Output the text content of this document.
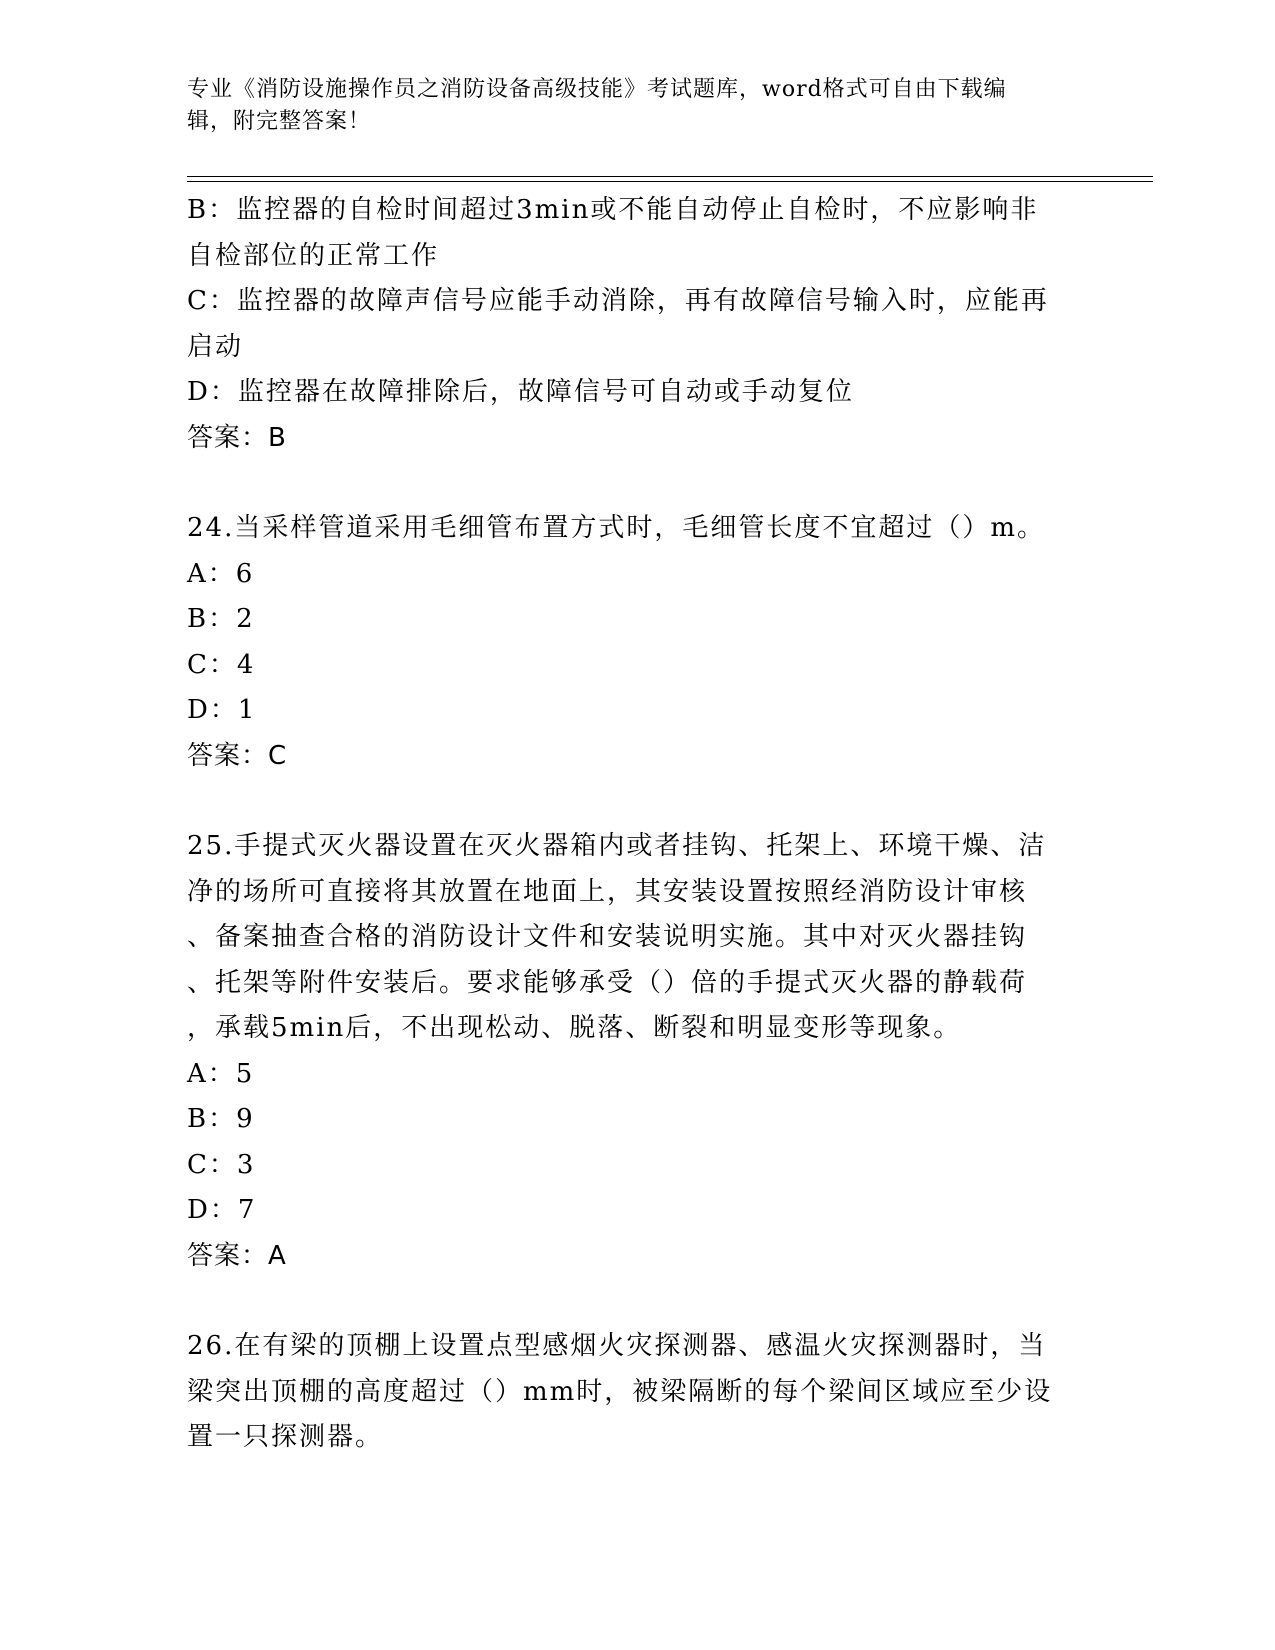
专业《消防设施操作员之消防设备高级技能》考试题库，word格式可自由下载编
辑，附完整答案！
B：监控器的自检时间超过3min或不能自动停止自检时，不应影响非
自检部位的正常工作
C：监控器的故障声信号应能手动消除，再有故障信号输入时，应能再
启动
D：监控器在故障排除后，故障信号可自动或手动复位
答案：B
24.当采样管道采用毛细管布置方式时，毛细管长度不宜超过（）m。
A：6
B：2
C：4
D：1
答案：C
25.手提式灭火器设置在灭火器箱内或者挂钩、托架上、环境干燥、洁
净的场所可直接将其放置在地面上，其安装设置按照经消防设计审核
、备案抽查合格的消防设计文件和安装说明实施。其中对灭火器挂钩
、托架等附件安装后。要求能够承受（）倍的手提式灭火器的静载荷
，承载5min后，不出现松动、脱落、断裂和明显变形等现象。
A：5
B：9
C：3
D：7
答案：A
26.在有梁的顶棚上设置点型感烟火灾探测器、感温火灾探测器时，当
梁突出顶棚的高度超过（）mm时，被梁隔断的每个梁间区域应至少设
置一只探测器。
